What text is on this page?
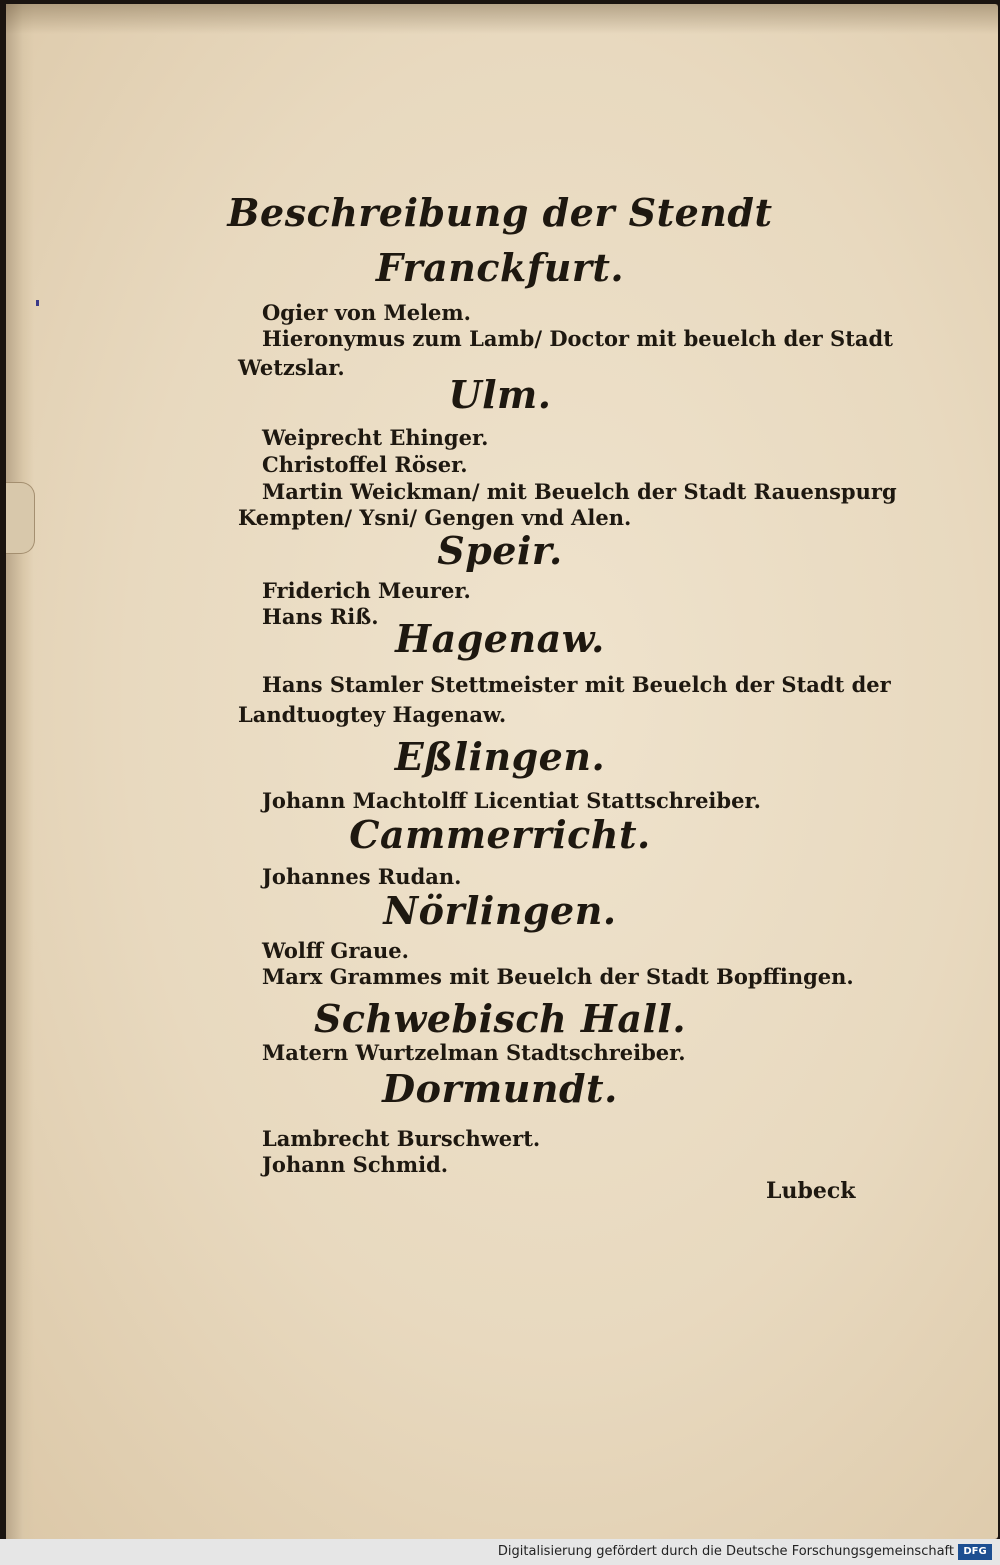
Beschreibung der Stendt
Franckfurt.

Ogier von Melem.

Hieronymus zum Lamb/ Doctor mit beuelch der Stadt

Wetzslar.

Ulm.

Weiprecht Ehinger.

Christoffel Röser.

Martin Weickman/ mit Beuelch der Stadt Rauenspurg

Kempten/ Ysni/ Gengen vnd Alen.

Speir.

Friderich Meurer.

Hans Riß. Hagenaw.

Hans Stamler Stettmeister mit Beuelch der Stadt der

Landtuogtey Hagenaw.

Eßlingen.

Johann Machtolff Licentiat Stattschreiber.

Cammerricht.

Johannes Rudan.

Nörlingen.

Wolff Graue.

Marx Grammes mit Beuelch der Stadt Bopffingen.

Schwebisch Hall.

Matern Wurtzelman Stadtschreiber.

Dormundt.

Lambrecht Burschwert.

Johann Schmid.

Lubeck
Digitalisierung gefördert durch die Deutsche Forschungsgemeinschaft DFG
